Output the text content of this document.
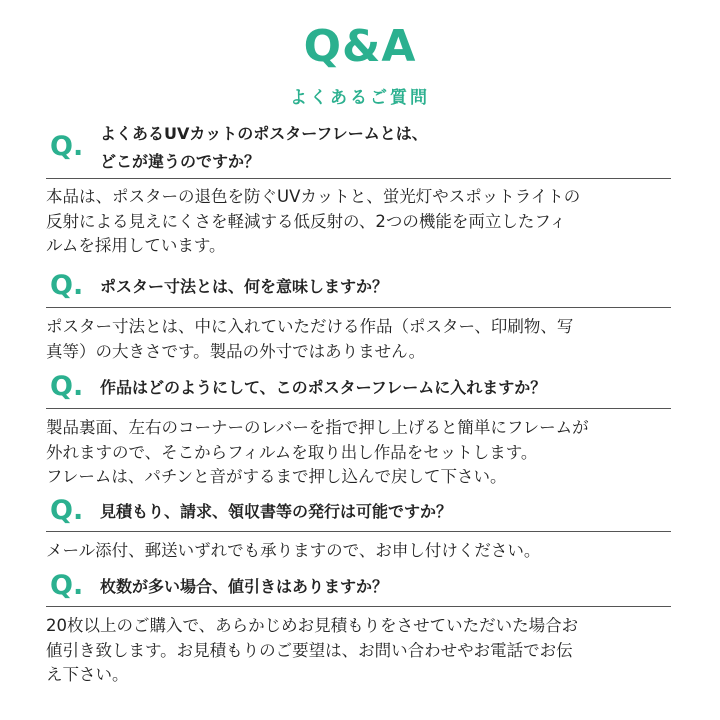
Q&A
よくあるご質問
Q. よくあるUVカットのポスターフレームとは、
どこが違うのですか？
本品は、ポスターの退色を防ぐUVカットと、蛍光灯やスポットライトの
反射による見えにくさを軽減する低反射の、2つの機能を両立したフィ
ルムを採用しています。
Q. ポスター寸法とは、何を意味しますか？
ポスター寸法とは、中に入れていただける作品（ポスター、印刷物、写
真等）の大きさです。製品の外寸ではありません。
Q. 作品はどのようにして、このポスターフレームに入れますか？
製品裏面、左右のコーナーのレバーを指で押し上げると簡単にフレームが
外れますので、そこからフィルムを取り出し作品をセットします。
フレームは、パチンと音がするまで押し込んで戻して下さい。
Q. 見積もり、請求、領収書等の発行は可能ですか？
メール添付、郵送いずれでも承りますので、お申し付けください。
Q. 枚数が多い場合、値引きはありますか？
20枚以上のご購入で、あらかじめお見積もりをさせていただいた場合お
値引き致します。お見積もりのご要望は、お問い合わせやお電話でお伝
え下さい。
